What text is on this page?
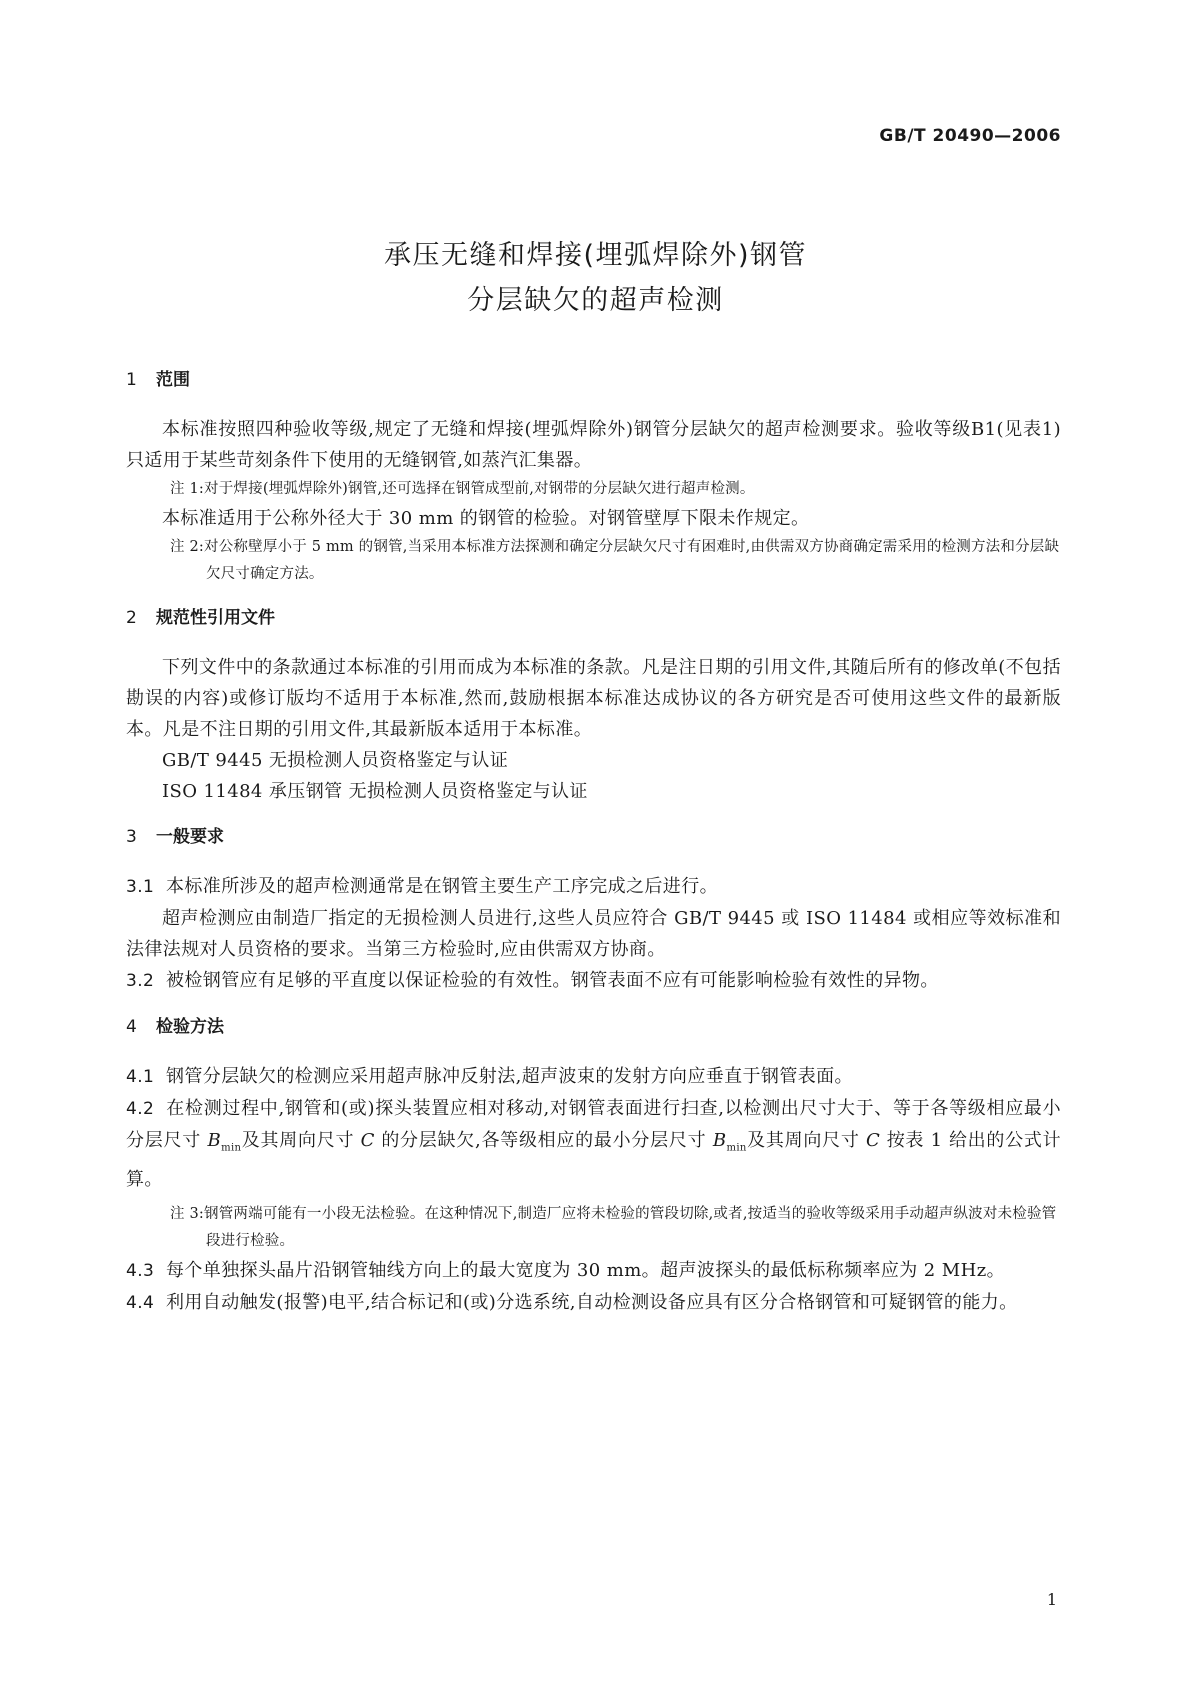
GB/T 20490—2006
承压无缝和焊接(埋弧焊除外)钢管
分层缺欠的超声检测

1 范围

本标准按照四种验收等级,规定了无缝和焊接(埋弧焊除外)钢管分层缺欠的超声检测要求。验收等级B1(见表1)只适用于某些苛刻条件下使用的无缝钢管,如蒸汽汇集器。

注 1:对于焊接(埋弧焊除外)钢管,还可选择在钢管成型前,对钢带的分层缺欠进行超声检测。

本标准适用于公称外径大于 30 mm 的钢管的检验。对钢管壁厚下限未作规定。

注 2:对公称壁厚小于 5 mm 的钢管,当采用本标准方法探测和确定分层缺欠尺寸有困难时,由供需双方协商确定需采用的检测方法和分层缺欠尺寸确定方法。

2 规范性引用文件

下列文件中的条款通过本标准的引用而成为本标准的条款。凡是注日期的引用文件,其随后所有的修改单(不包括勘误的内容)或修订版均不适用于本标准,然而,鼓励根据本标准达成协议的各方研究是否可使用这些文件的最新版本。凡是不注日期的引用文件,其最新版本适用于本标准。

GB/T 9445 无损检测人员资格鉴定与认证

ISO 11484 承压钢管 无损检测人员资格鉴定与认证

3 一般要求

3.1 本标准所涉及的超声检测通常是在钢管主要生产工序完成之后进行。

超声检测应由制造厂指定的无损检测人员进行,这些人员应符合 GB/T 9445 或 ISO 11484 或相应等效标准和法律法规对人员资格的要求。当第三方检验时,应由供需双方协商。

3.2 被检钢管应有足够的平直度以保证检验的有效性。钢管表面不应有可能影响检验有效性的异物。

4 检验方法

4.1 钢管分层缺欠的检测应采用超声脉冲反射法,超声波束的发射方向应垂直于钢管表面。

4.2 在检测过程中,钢管和(或)探头装置应相对移动,对钢管表面进行扫查,以检测出尺寸大于、等于各等级相应最小分层尺寸 $B_{min}$及其周向尺寸 C 的分层缺欠,各等级相应的最小分层尺寸 $B_{min}$及其周向尺寸 C 按表 1 给出的公式计算。

注 3:钢管两端可能有一小段无法检验。在这种情况下,制造厂应将未检验的管段切除,或者,按适当的验收等级采用手动超声纵波对未检验管段进行检验。

4.3 每个单独探头晶片沿钢管轴线方向上的最大宽度为 30 mm。超声波探头的最低标称频率应为 2 MHz。

4.4 利用自动触发(报警)电平,结合标记和(或)分选系统,自动检测设备应具有区分合格钢管和可疑钢管的能力。

1
